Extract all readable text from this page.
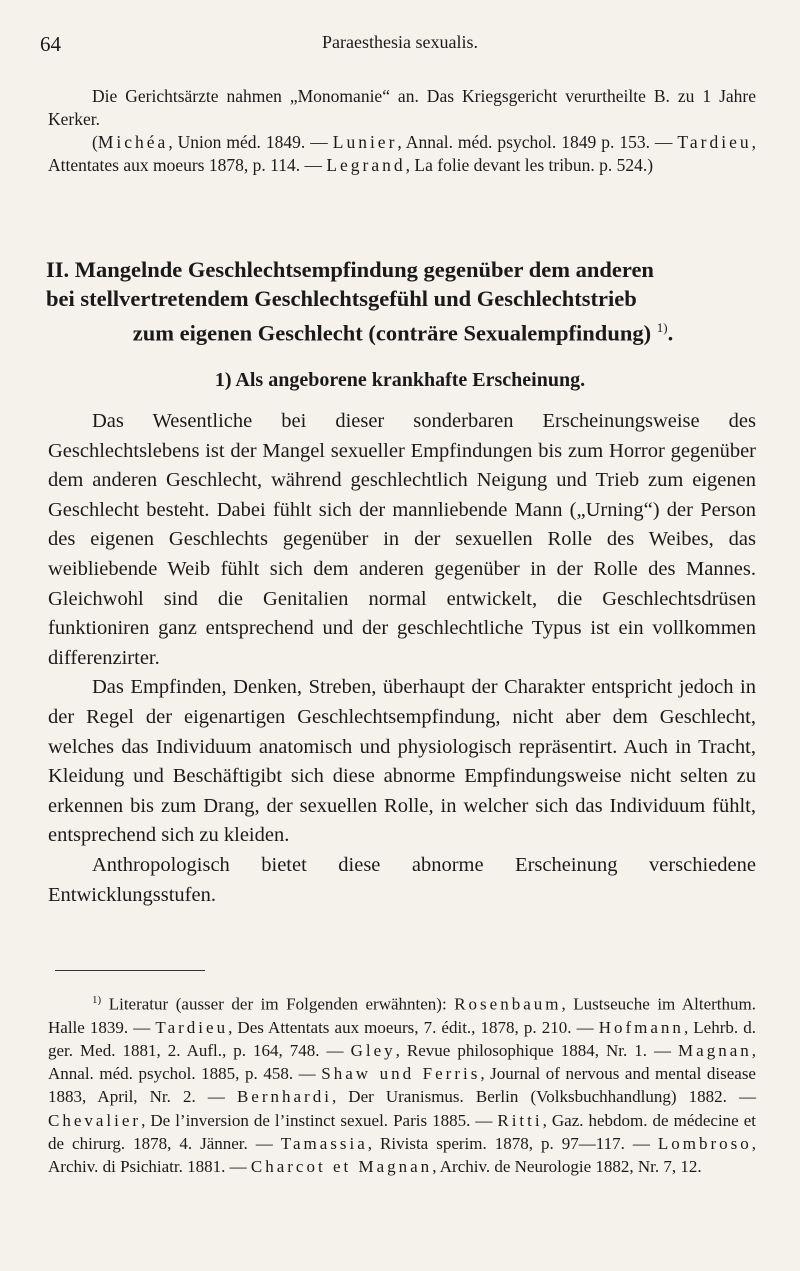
64	Paraesthesia sexualis.
Die Gerichtsärzte nahmen „Monomanie“ an. Das Kriegsgericht verurtheilte B. zu 1 Jahre Kerker.
(Michéa, Union méd. 1849. — Lunier, Annal. méd. psychol. 1849 p. 153. — Tardieu, Attentates aux moeurs 1878, p. 114. — Legrand, La folie devant les tribun. p. 524.)
II. Mangelnde Geschlechtsempfindung gegenüber dem anderen
bei stellvertretendem Geschlechtsgefühl und Geschlechtstrieb
zum eigenen Geschlecht (conträre Sexualempfindung) $^{1)}$.
1) Als angeborene krankhafte Erscheinung.

Das Wesentliche bei dieser sonderbaren Erscheinungsweise des Geschlechtslebens ist der Mangel sexueller Empfindungen bis zum Horror gegenüber dem anderen Geschlecht, während geschlechtlich Neigung und Trieb zum eigenen Geschlecht besteht. Dabei fühlt sich der mannliebende Mann („Urning“) der Person des eigenen Geschlechts gegenüber in der sexuellen Rolle des Weibes, das weibliebende Weib fühlt sich dem anderen gegenüber in der Rolle des Mannes. Gleichwohl sind die Genitalien normal entwickelt, die Geschlechtsdrüsen funktioniren ganz entsprechend und der geschlechtliche Typus ist ein vollkommen differenzirter.

Das Empfinden, Denken, Streben, überhaupt der Charakter entspricht jedoch in der Regel der eigenartigen Geschlechtsempfindung, nicht aber dem Geschlecht, welches das Individuum anatomisch und physiologisch repräsentirt. Auch in Tracht, Kleidung und Beschäftigibt sich diese abnorme Empfindungsweise nicht selten zu erkennen bis zum Drang, der sexuellen Rolle, in welcher sich das Individuum fühlt, entsprechend sich zu kleiden.

Anthropologisch bietet diese abnorme Erscheinung verschiedene Entwicklungsstufen.

$^{1)}$ Literatur (ausser der im Folgenden erwähnten): Rosenbaum, Lustseuche im Alterthum. Halle 1839. — Tardieu, Des Attentats aux moeurs, 7. édit., 1878, p. 210. — Hofmann, Lehrb. d. ger. Med. 1881, 2. Aufl., p. 164, 748. — Gley, Revue philosophique 1884, Nr. 1. — Magnan, Annal. méd. psychol. 1885, p. 458. — Shaw und Ferris, Journal of nervous and mental disease 1883, April, Nr. 2. — Bernhardi, Der Uranismus. Berlin (Volksbuchhandlung) 1882. — Chevalier, De l’inversion de l’instinct sexuel. Paris 1885. — Ritti, Gaz. hebdom. de médecine et de chirurg. 1878, 4. Jänner. — Tamassia, Rivista sperim. 1878, p. 97—117. — Lombroso, Archiv. di Psichiatr. 1881. — Charcot et Magnan, Archiv. de Neurologie 1882, Nr. 7, 12.
